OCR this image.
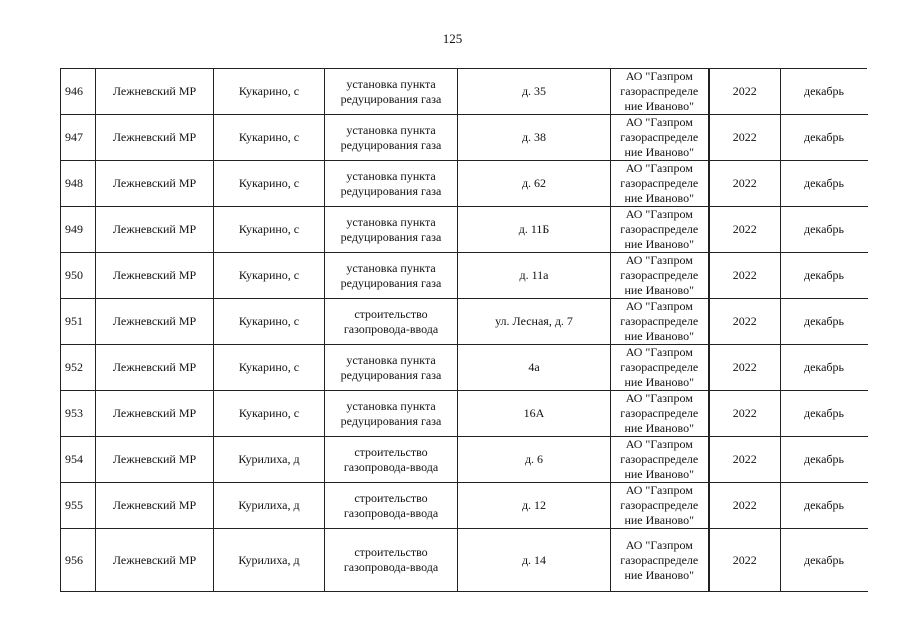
125
946	Лежневский МР	Кукарино, с	установка пункта редуцирования газа	д. 35	АО "Газпром газораспределе ние Иваново"	2022	декабрь
947	Лежневский МР	Кукарино, с	установка пункта редуцирования газа	д. 38	АО "Газпром газораспределе ние Иваново"	2022	декабрь
948	Лежневский МР	Кукарино, с	установка пункта редуцирования газа	д. 62	АО "Газпром газораспределе ние Иваново"	2022	декабрь
949	Лежневский МР	Кукарино, с	установка пункта редуцирования газа	д. 11Б	АО "Газпром газораспределе ние Иваново"	2022	декабрь
950	Лежневский МР	Кукарино, с	установка пункта редуцирования газа	д. 11а	АО "Газпром газораспределе ние Иваново"	2022	декабрь
951	Лежневский МР	Кукарино, с	строительство газопровода-ввода	ул. Лесная, д. 7	АО "Газпром газораспределе ние Иваново"	2022	декабрь
952	Лежневский МР	Кукарино, с	установка пункта редуцирования газа	4а	АО "Газпром газораспределе ние Иваново"	2022	декабрь
953	Лежневский МР	Кукарино, с	установка пункта редуцирования газа	16А	АО "Газпром газораспределе ние Иваново"	2022	декабрь
954	Лежневский МР	Курилиха, д	строительство газопровода-ввода	д. 6	АО "Газпром газораспределе ние Иваново"	2022	декабрь
955	Лежневский МР	Курилиха, д	строительство газопровода-ввода	д. 12	АО "Газпром газораспределе ние Иваново"	2022	декабрь
956	Лежневский МР	Курилиха, д	строительство газопровода-ввода	д. 14	АО "Газпром газораспределе ние Иваново"	2022	декабрь
